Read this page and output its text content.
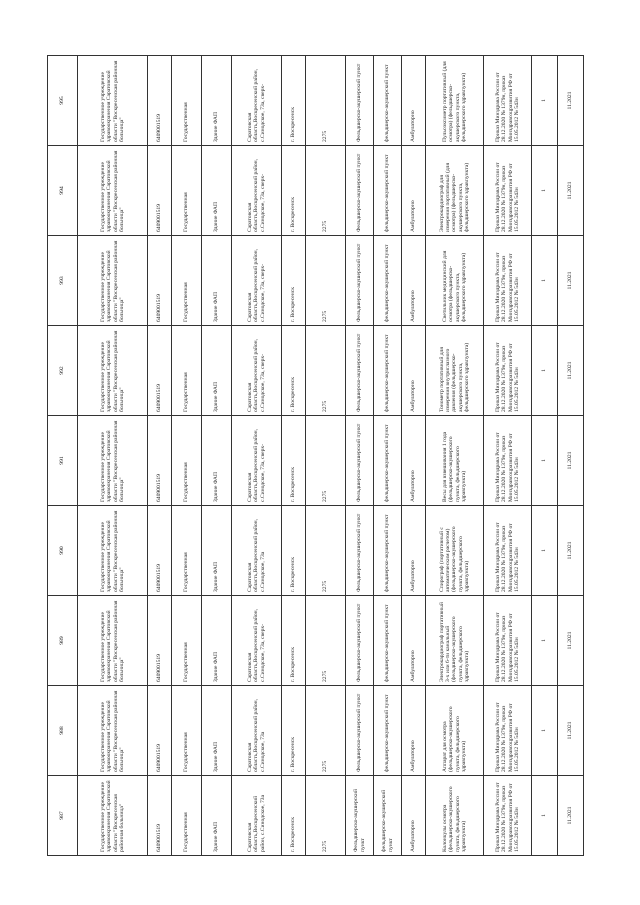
987	988	989	990	991	992	993	994	995
Государственное учреждение здравоохранения Саратовской области "Воскресенская районная больница"	Государственное учреждение здравоохранения Саратовской области "Воскресенская районная больница"	Государственное учреждение здравоохранения Саратовской области "Воскресенская районная больница"	Государственное учреждение здравоохранения Саратовской области "Воскресенская районная больница"	Государственное учреждение здравоохранения Саратовской области "Воскресенская районная больница"	Государственное учреждение здравоохранения Саратовской области "Воскресенская районная больница"	Государственное учреждение здравоохранения Саратовской области "Воскресенская районная больница"	Государственное учреждение здравоохранения Саратовской области "Воскресенская районная больница"	Государственное учреждение здравоохранения Саратовской области "Воскресенская районная больница"
6409001519	6409001519	6409001519	6409001519	6409001519	6409001519	6409001519	6409001519	6409001519
Государственная	Государственная	Государственная	Государственная	Государственная	Государственная	Государственная	Государственная	Государственная
Здание ФАП	Здание ФАП	Здание ФАП	Здание ФАП	Здание ФАП	Здание ФАП	Здание ФАП	Здание ФАП	Здание ФАП
Саратовская область,Воскресенский район, с.Синодское, 73а	Саратовская область,Воскресенский район, с.Синодское, 73а	Саратовская область,Воскресенский район, с.Синодское, 73а, сверх-	Саратовская область,Воскресенский район, с.Синодское, 73а	Саратовская область,Воскресенский район, с.Синодское, 73а, сверх-	Саратовская область,Воскресенский район, с.Синодское, 73а, сверх-	Саратовская область,Воскресенский район, с.Синодское, 73а, сверх-	Саратовская область,Воскресенский район, с.Синодское, 73а, сверх-	Саратовская область,Воскресенский район, с.Синодское, 73а, сверх-
г. Воскресенск	г. Воскресенск	г. Воскресенск	г. Воскресенск	г. Воскресенск	г. Воскресенск	г. Воскресенск	г. Воскресенск	г. Воскресенск
2275	2275	2275	2275	2275	2275	2275	2275	2275
Фельдшерско-акушерский пункт	Фельдшерско-акушерский пункт	Фельдшерско-акушерский пункт	Фельдшерско-акушерский пункт	Фельдшерско-акушерский пункт	Фельдшерско-акушерский пункт	Фельдшерско-акушерский пункт	Фельдшерско-акушерский пункт	Фельдшерско-акушерский пункт
фельдшерско-акушерский пункт	фельдшерско-акушерский пункт	фельдшерско-акушерский пункт	фельдшерско-акушерский пункт	фельдшерско-акушерский пункт	фельдшерско-акушерский пункт	фельдшерско-акушерский пункт	фельдшерско-акушерский пункт	фельдшерско-акушерский пункт
Амбулаторно	Амбулаторно	Амбулаторно	Амбулаторно	Амбулаторно	Амбулаторно	Амбулаторно	Амбулаторно	Амбулаторно
Колонкулы осмотра (фельдшерско-акушерского пункта, фельдшерского здравпункта)	Аппарат для осмотра (фельдшерско-акушерского пункта, фельдшерского здравпункта)	Электрокардиограф портативный 3-х или 6-ти канальный (фельдшерско-акушерского пункта, фельдшерского здравпункта)	Спирограф (портативный с автоматическим расчетом) (фельдшерско-акушерского пункта, фельдшерского здравпункта)	Весы для взвешивания 1 года (фельдшерско-акушерского пункта, фельдшерского здравпункта)	Тонометр портативный для измерения внутриглазного давления (фельдшерско-акушерского пункта, фельдшерского здравпункта)	Светильник медицинский для осмотра (фельдшерско-акушерского пункта, фельдшерского здравпункта)	Электрокардиограф для измерения портативный (для осмотра) (фельдшерско-акушерского пункта, фельдшерского здравпункта)	Пульсоксиметр портативный (для осмотра) (фельдшерско-акушерского пункта, фельдшерского здравпункта)
Приказ Минздрава России от 28.12.2020 № 1379н, приказ Минздравсоцразвития РФ от 15.05.2012 № 543н	Приказ Минздрава России от 28.12.2020 № 1379н, приказ Минздравсоцразвития РФ от 15.05.2012 № 543н	Приказ Минздрава России от 28.12.2020 № 1379н, приказ Минздравсоцразвития РФ от 15.05.2012 № 543н	Приказ Минздрава России от 28.12.2020 № 1379н, приказ Минздравсоцразвития РФ от 15.05.2012 № 543н	Приказ Минздрава России от 28.12.2020 № 1379н, приказ Минздравсоцразвития РФ от 15.05.2012 № 543н	Приказ Минздрава России от 28.12.2020 № 1379н, приказ Минздравсоцразвития РФ от 15.05.2012 № 543н	Приказ Минздрава России от 28.12.2020 № 1379н, приказ Минздравсоцразвития РФ от 15.05.2012 № 543н	Приказ Минздрава России от 28.12.2020 № 1379н, приказ Минздравсоцразвития РФ от 15.05.2012 № 543н	Приказ Минздрава России от 28.12.2020 № 1379н, приказ Минздравсоцразвития РФ от 15.05.2012 № 543н
1	1	1	1	1	1	1	1	1
11.2021	11.2021	11.2021	11.2021	11.2021	11.2021	11.2021	11.2021	11.2021
